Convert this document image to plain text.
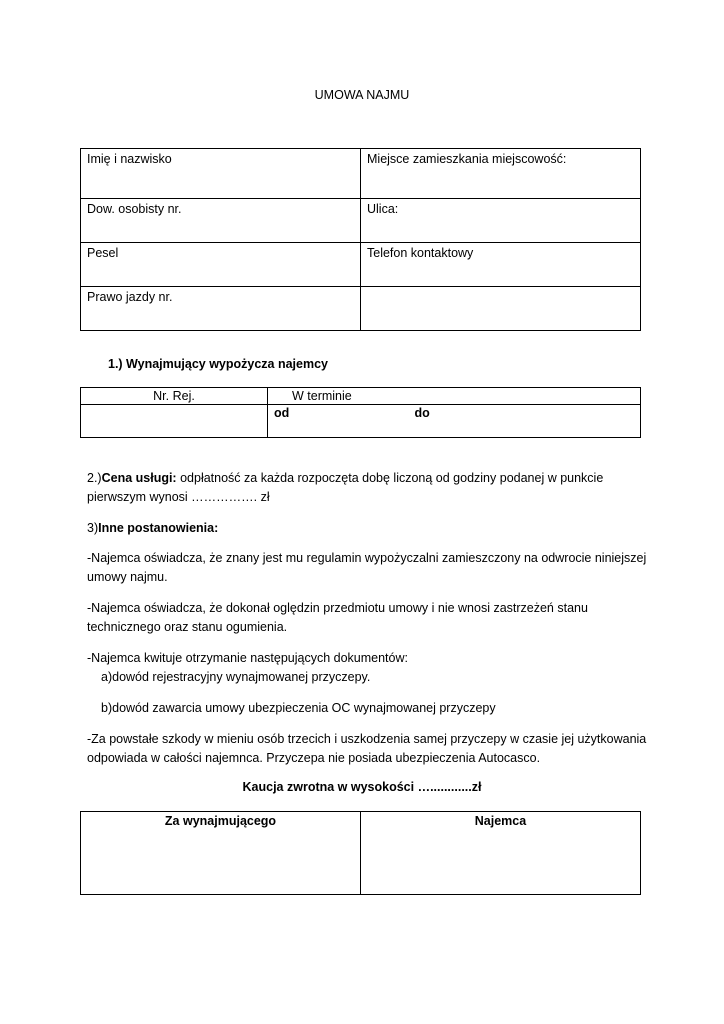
UMOWA NAJMU
Imię i nazwisko	Miejsce zamieszkania miejscowość:
Dow. osobisty nr.	Ulica:
Pesel	Telefon kontaktowy
Prawo jazdy nr.	
1.) Wynajmujący wypożycza najemcy
Nr. Rej.	W terminie
	od do
2.)Cena usługi: odpłatność za każda rozpoczęta dobę liczoną od godziny podanej w punkcie
pierwszym wynosi ……………. zł
3)Inne postanowienia:
-Najemca oświadcza, że znany jest mu regulamin wypożyczalni zamieszczony na odwrocie niniejszej
umowy najmu.
-Najemca oświadcza, że dokonał oględzin przedmiotu umowy i nie wnosi zastrzeżeń stanu
technicznego oraz stanu ogumienia.
-Najemca kwituje otrzymanie następujących dokumentów:
a)dowód rejestracyjny wynajmowanej przyczepy.
b)dowód zawarcia umowy ubezpieczenia OC wynajmowanej przyczepy
-Za powstałe szkody w mieniu osób trzecich i uszkodzenia samej przyczepy w czasie jej użytkowania
odpowiada w całości najemnca. Przyczepa nie posiada ubezpieczenia Autocasco.
Kaucja zwrotna w wysokości …............zł
Za wynajmującego	Najemca
